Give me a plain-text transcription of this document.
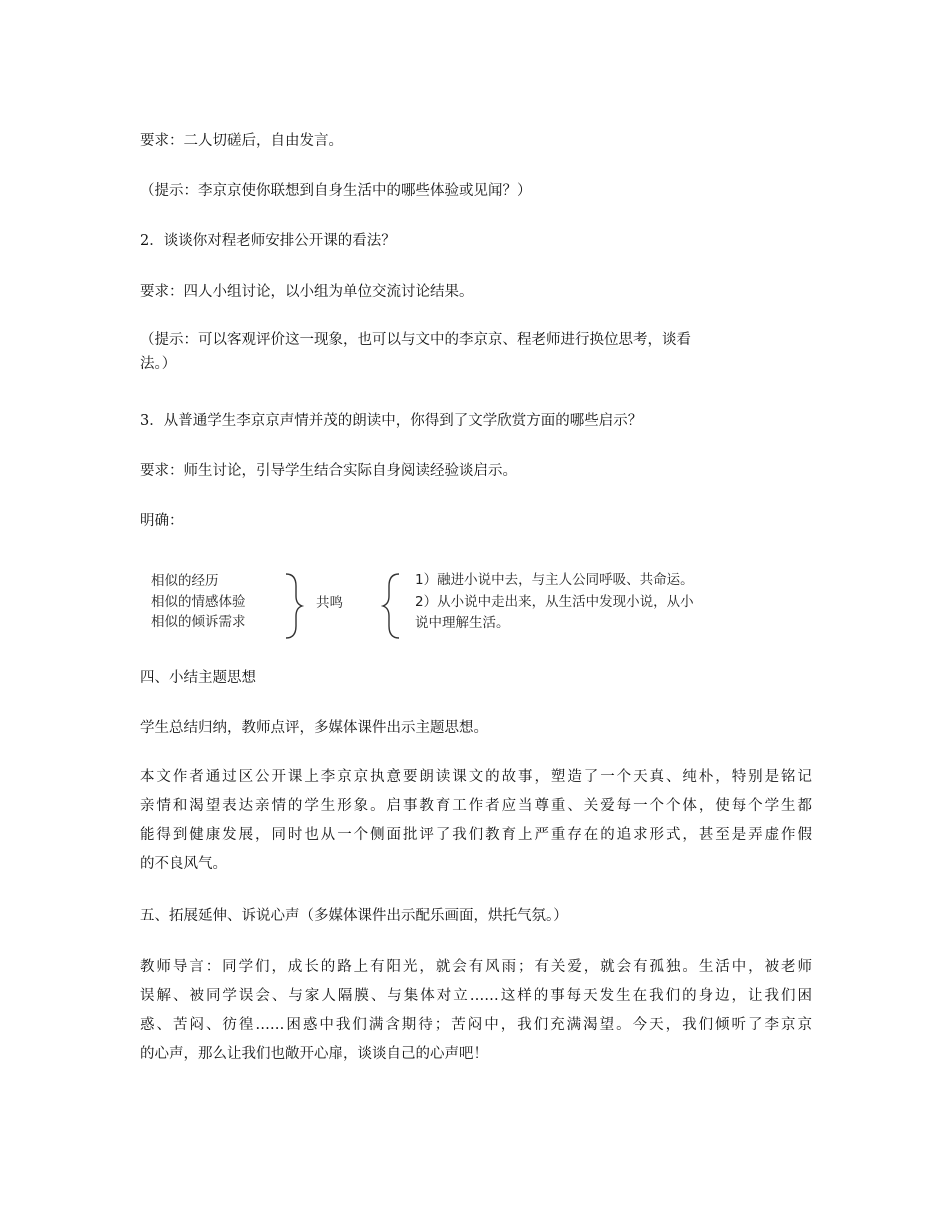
要求：二人切磋后，自由发言。
（提示：李京京使你联想到自身生活中的哪些体验或见闻？）
2．谈谈你对程老师安排公开课的看法？
要求：四人小组讨论，以小组为单位交流讨论结果。
（提示：可以客观评价这一现象，也可以与文中的李京京、程老师进行换位思考，谈看
法。）
3．从普通学生李京京声情并茂的朗读中，你得到了文学欣赏方面的哪些启示？
要求：师生讨论，引导学生结合实际自身阅读经验谈启示。
明确：
相似的经历
相似的情感体验
相似的倾诉需求
共鸣
1）融进小说中去，与主人公同呼吸、共命运。
2）从小说中走出来，从生活中发现小说，从小
说中理解生活。
四、小结主题思想
学生总结归纳，教师点评，多媒体课件出示主题思想。
本文作者通过区公开课上李京京执意要朗读课文的故事，塑造了一个天真、纯朴，特别是铭记
亲情和渴望表达亲情的学生形象。启事教育工作者应当尊重、关爱每一个个体，使每个学生都
能得到健康发展，同时也从一个侧面批评了我们教育上严重存在的追求形式，甚至是弄虚作假
的不良风气。
五、拓展延伸、诉说心声（多媒体课件出示配乐画面，烘托气氛。）
教师导言：同学们，成长的路上有阳光，就会有风雨；有关爱，就会有孤独。生活中，被老师
误解、被同学误会、与家人隔膜、与集体对立……这样的事每天发生在我们的身边，让我们困
惑、苦闷、彷徨……困惑中我们满含期待；苦闷中，我们充满渴望。今天，我们倾听了李京京
的心声，那么让我们也敞开心扉，谈谈自己的心声吧！
